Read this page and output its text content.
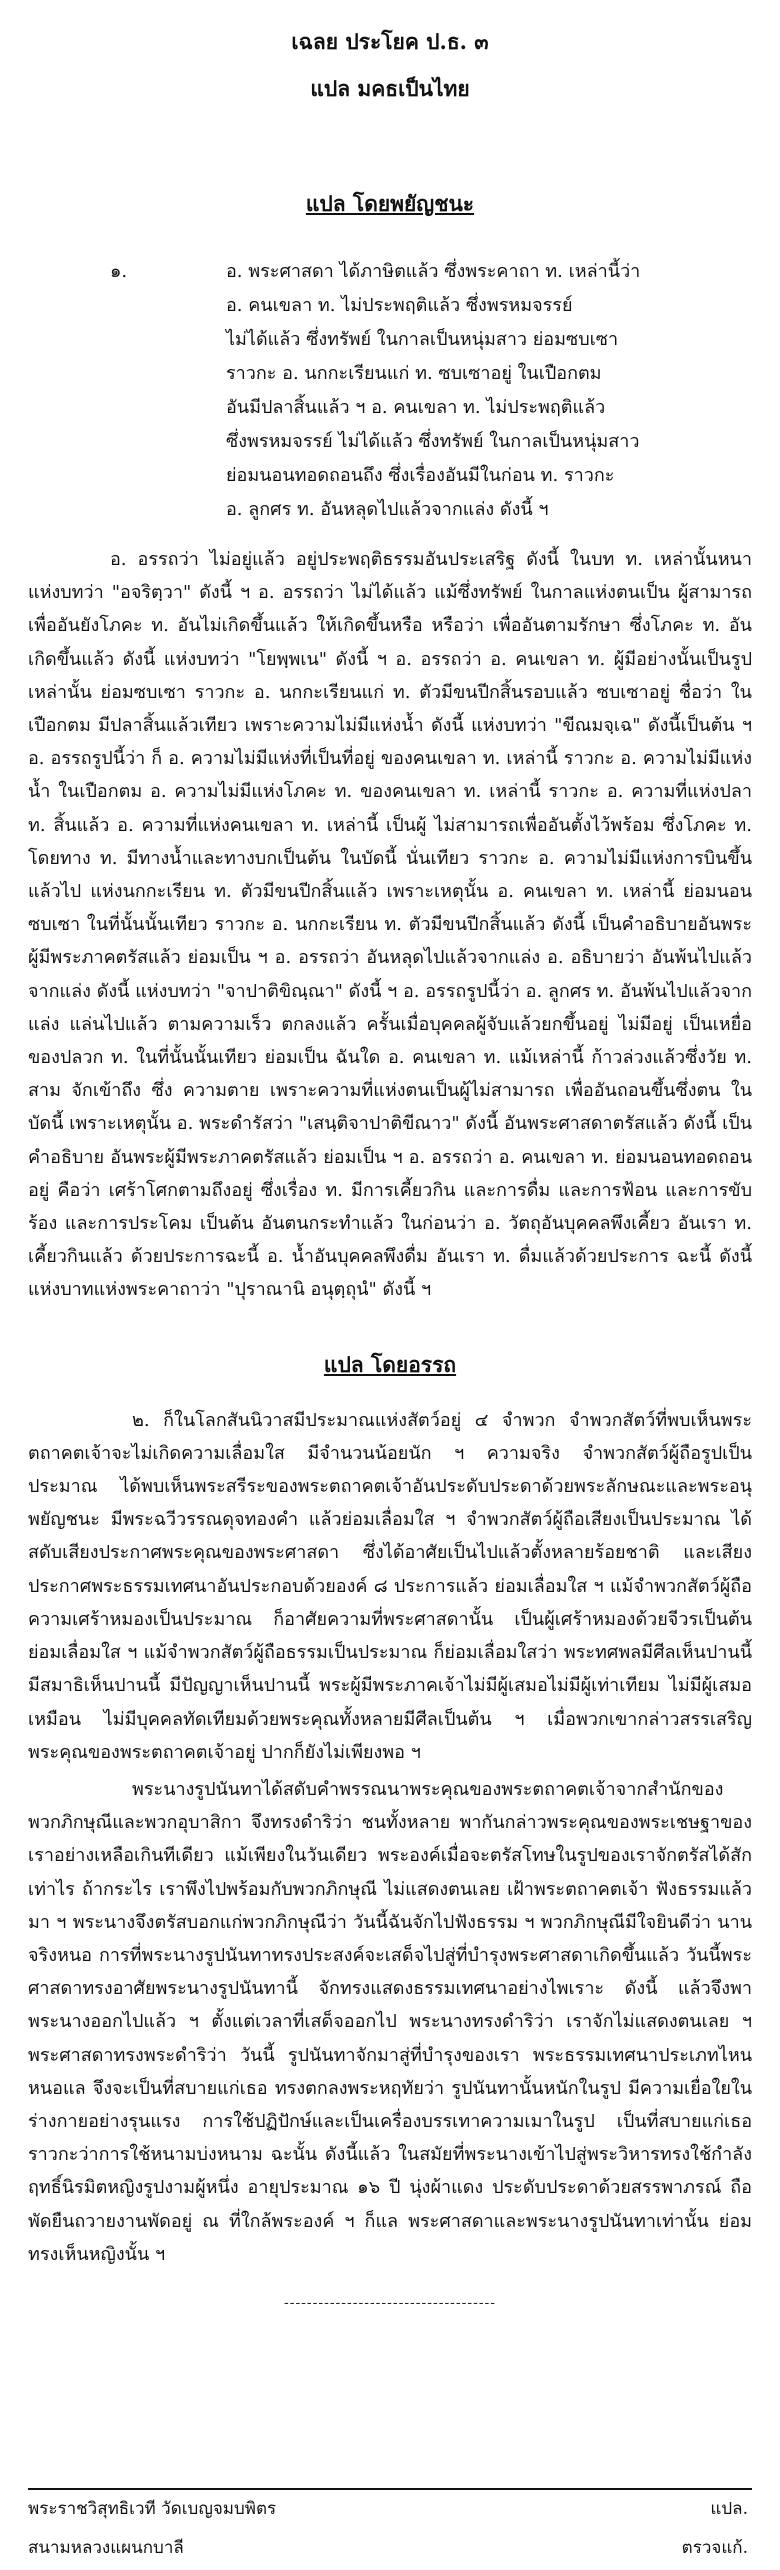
เฉลย ประโยค ป.ธ. ๓
แปล มคธเป็นไทย
แปล โดยพยัญชนะ
๑.	อ. พระศาสดา ได้ภาษิตแล้ว ซึ่งพระคาถา ท. เหล่านี้ว่า
อ. คนเขลา ท. ไม่ประพฤติแล้ว ซึ่งพรหมจรรย์
ไม่ได้แล้ว ซึ่งทรัพย์ ในกาลเป็นหนุ่มสาว ย่อมซบเซา
ราวกะ อ. นกกะเรียนแก่ ท. ซบเซาอยู่ ในเปือกตม
อันมีปลาสิ้นแล้ว ฯ อ. คนเขลา ท. ไม่ประพฤติแล้ว
ซึ่งพรหมจรรย์ ไม่ได้แล้ว ซึ่งทรัพย์ ในกาลเป็นหนุ่มสาว
ย่อมนอนทอดถอนถึง ซึ่งเรื่องอันมีในก่อน ท. ราวกะ
อ. ลูกศร ท. อันหลุดไปแล้วจากแล่ง ดังนี้ ฯ

อ. อรรถว่า ไม่อยู่แล้ว อยู่ประพฤติธรรมอันประเสริฐ ดังนี้ ในบท ท. เหล่านั้นหนา แห่งบทว่า "อจริตฺวา" ดังนี้ ฯ อ. อรรถว่า ไม่ได้แล้ว แม้ซึ่งทรัพย์ ในกาลแห่งตนเป็น ผู้สามารถ เพื่ออันยังโภคะ ท. อันไม่เกิดขึ้นแล้ว ให้เกิดขึ้นหรือ หรือว่า เพื่ออันตามรักษา ซึ่งโภคะ ท. อันเกิดขึ้นแล้ว ดังนี้ แห่งบทว่า "โยพฺพเน" ดังนี้ ฯ อ. อรรถว่า อ. คนเขลา ท. ผู้มีอย่างนั้นเป็นรูป เหล่านั้น ย่อมซบเซา ราวกะ อ. นกกะเรียนแก่ ท. ตัวมีขนปีกสิ้นรอบแล้ว ซบเซาอยู่ ชื่อว่า ในเปือกตม มีปลาสิ้นแล้วเทียว เพราะความไม่มีแห่งน้ำ ดังนี้ แห่งบทว่า "ขีณมจฺเฉ" ดังนี้เป็นต้น ฯ อ. อรรถรูปนี้ว่า ก็ อ. ความไม่มีแห่งที่เป็นที่อยู่ ของคนเขลา ท. เหล่านี้ ราวกะ อ. ความไม่มีแห่งน้ำ ในเปือกตม อ. ความไม่มีแห่งโภคะ ท. ของคนเขลา ท. เหล่านี้ ราวกะ อ. ความที่แห่งปลา ท. สิ้นแล้ว อ. ความที่แห่งคนเขลา ท. เหล่านี้ เป็นผู้ ไม่สามารถเพื่ออันตั้งไว้พร้อม ซึ่งโภคะ ท. โดยทาง ท. มีทางน้ำและทางบกเป็นต้น ในบัดนี้ นั่นเทียว ราวกะ อ. ความไม่มีแห่งการบินขึ้นแล้วไป แห่งนกกะเรียน ท. ตัวมีขนปีกสิ้นแล้ว เพราะเหตุนั้น อ. คนเขลา ท. เหล่านี้ ย่อมนอนซบเซา ในที่นั้นนั้นเทียว ราวกะ อ. นกกะเรียน ท. ตัวมีขนปีกสิ้นแล้ว ดังนี้ เป็นคำอธิบายอันพระผู้มีพระภาคตรัสแล้ว ย่อมเป็น ฯ อ. อรรถว่า อันหลุดไปแล้วจากแล่ง อ. อธิบายว่า อันพ้นไปแล้วจากแล่ง ดังนี้ แห่งบทว่า "จาปาติขิณฺณา" ดังนี้ ฯ อ. อรรถรูปนี้ว่า อ. ลูกศร ท. อันพ้นไปแล้วจากแล่ง แล่นไปแล้ว ตามความเร็ว ตกลงแล้ว ครั้นเมื่อบุคคลผู้จับแล้วยกขึ้นอยู่ ไม่มีอยู่ เป็นเหยื่อ ของปลวก ท. ในที่นั้นนั้นเทียว ย่อมเป็น ฉันใด อ. คนเขลา ท. แม้เหล่านี้ ก้าวล่วงแล้วซึ่งวัย ท. สาม จักเข้าถึง ซึ่ง ความตาย เพราะความที่แห่งตนเป็นผู้ไม่สามารถ เพื่ออันถอนขึ้นซึ่งตน ในบัดนี้ เพราะเหตุนั้น อ. พระดำรัสว่า "เสนฺติจาปาติขีณาว" ดังนี้ อันพระศาสดาตรัสแล้ว ดังนี้ เป็นคำอธิบาย อันพระผู้มีพระภาคตรัสแล้ว ย่อมเป็น ฯ อ. อรรถว่า อ. คนเขลา ท. ย่อมนอนทอดถอนอยู่ คือว่า เศร้าโศกตามถึงอยู่ ซึ่งเรื่อง ท. มีการเคี้ยวกิน และการดื่ม และการฟ้อน และการขับร้อง และการประโคม เป็นต้น อันตนกระทำแล้ว ในก่อนว่า อ. วัตถุอันบุคคลพึงเคี้ยว อันเรา ท. เคี้ยวกินแล้ว ด้วยประการฉะนี้ อ. น้ำอันบุคคลพึงดื่ม อันเรา ท. ดื่มแล้วด้วยประการ ฉะนี้ ดังนี้ แห่งบาทแห่งพระคาถาว่า "ปุราณานิ อนุตฺถุนํ" ดังนี้ ฯ

แปล โดยอรรถ

๒. ก็ในโลกสันนิวาสมีประมาณแห่งสัตว์อยู่ ๔ จำพวก จำพวกสัตว์ที่พบเห็นพระตถาคตเจ้าจะไม่เกิดความเลื่อมใส มีจำนวนน้อยนัก ฯ ความจริง จำพวกสัตว์ผู้ถือรูปเป็นประมาณ ได้พบเห็นพระสรีระของพระตถาคตเจ้าอันประดับประดาด้วยพระลักษณะและพระอนุพยัญชนะ มีพระฉวีวรรณดุจทองคำ แล้วย่อมเลื่อมใส ฯ จำพวกสัตว์ผู้ถือเสียงเป็นประมาณ ได้สดับเสียงประกาศพระคุณของพระศาสดา ซึ่งได้อาศัยเป็นไปแล้วตั้งหลายร้อยชาติ และเสียงประกาศพระธรรมเทศนาอันประกอบด้วยองค์ ๘ ประการแล้ว ย่อมเลื่อมใส ฯ แม้จำพวกสัตว์ผู้ถือความเศร้าหมองเป็นประมาณ ก็อาศัยความที่พระศาสดานั้น เป็นผู้เศร้าหมองด้วยจีวรเป็นต้น ย่อมเลื่อมใส ฯ แม้จำพวกสัตว์ผู้ถือธรรมเป็นประมาณ ก็ย่อมเลื่อมใสว่า พระทศพลมีศีลเห็นปานนี้ มีสมาธิเห็นปานนี้ มีปัญญาเห็นปานนี้ พระผู้มีพระภาคเจ้าไม่มีผู้เสมอไม่มีผู้เท่าเทียม ไม่มีผู้เสมอเหมือน ไม่มีบุคคลทัดเทียมด้วยพระคุณทั้งหลายมีศีลเป็นต้น ฯ เมื่อพวกเขากล่าวสรรเสริญพระคุณของพระตถาคตเจ้าอยู่ ปากก็ยังไม่เพียงพอ ฯ

พระนางรูปนันทาได้สดับคำพรรณนาพระคุณของพระตถาคตเจ้าจากสำนักของพวกภิกษุณีและพวกอุบาสิกา จึงทรงดำริว่า ชนทั้งหลาย พากันกล่าวพระคุณของพระเชษฐาของเราอย่างเหลือเกินทีเดียว แม้เพียงในวันเดียว พระองค์เมื่อจะตรัสโทษในรูปของเราจักตรัสได้สักเท่าไร ถ้ากระไร เราพึงไปพร้อมกับพวกภิกษุณี ไม่แสดงตนเลย เฝ้าพระตถาคตเจ้า ฟังธรรมแล้วมา ฯ พระนางจึงตรัสบอกแก่พวกภิกษุณีว่า วันนี้ฉันจักไปฟังธรรม ฯ พวกภิกษุณีมีใจยินดีว่า นานจริงหนอ การที่พระนางรูปนันทาทรงประสงค์จะเสด็จไปสู่ที่บำรุงพระศาสดาเกิดขึ้นแล้ว วันนี้พระศาสดาทรงอาศัยพระนางรูปนันทานี้ จักทรงแสดงธรรมเทศนาอย่างไพเราะ ดังนี้ แล้วจึงพาพระนางออกไปแล้ว ฯ ตั้งแต่เวลาที่เสด็จออกไป พระนางทรงดำริว่า เราจักไม่แสดงตนเลย ฯ พระศาสดาทรงพระดำริว่า วันนี้ รูปนันทาจักมาสู่ที่บำรุงของเรา พระธรรมเทศนาประเภทไหนหนอแล จึงจะเป็นที่สบายแก่เธอ ทรงตกลงพระหฤทัยว่า รูปนันทานั้นหนักในรูป มีความเยื่อใยในร่างกายอย่างรุนแรง การใช้ปฏิปักษ์และเป็นเครื่องบรรเทาความเมาในรูป เป็นที่สบายแก่เธอราวกะว่าการใช้หนามบ่งหนาม ฉะนั้น ดังนี้แล้ว ในสมัยที่พระนางเข้าไปสู่พระวิหารทรงใช้กำลังฤทธิ์นิรมิตหญิงรูปงามผู้หนึ่ง อายุประมาณ ๑๖ ปี นุ่งผ้าแดง ประดับประดาด้วยสรรพาภรณ์ ถือพัดยืนถวายงานพัดอยู่ ณ ที่ใกล้พระองค์ ฯ ก็แล พระศาสดาและพระนางรูปนันทาเท่านั้น ย่อมทรงเห็นหญิงนั้น ฯ

-------------------------------------
พระราชวิสุทธิเวที วัดเบญจมบพิตร	แปล.
สนามหลวงแผนกบาลี	ตรวจแก้.
